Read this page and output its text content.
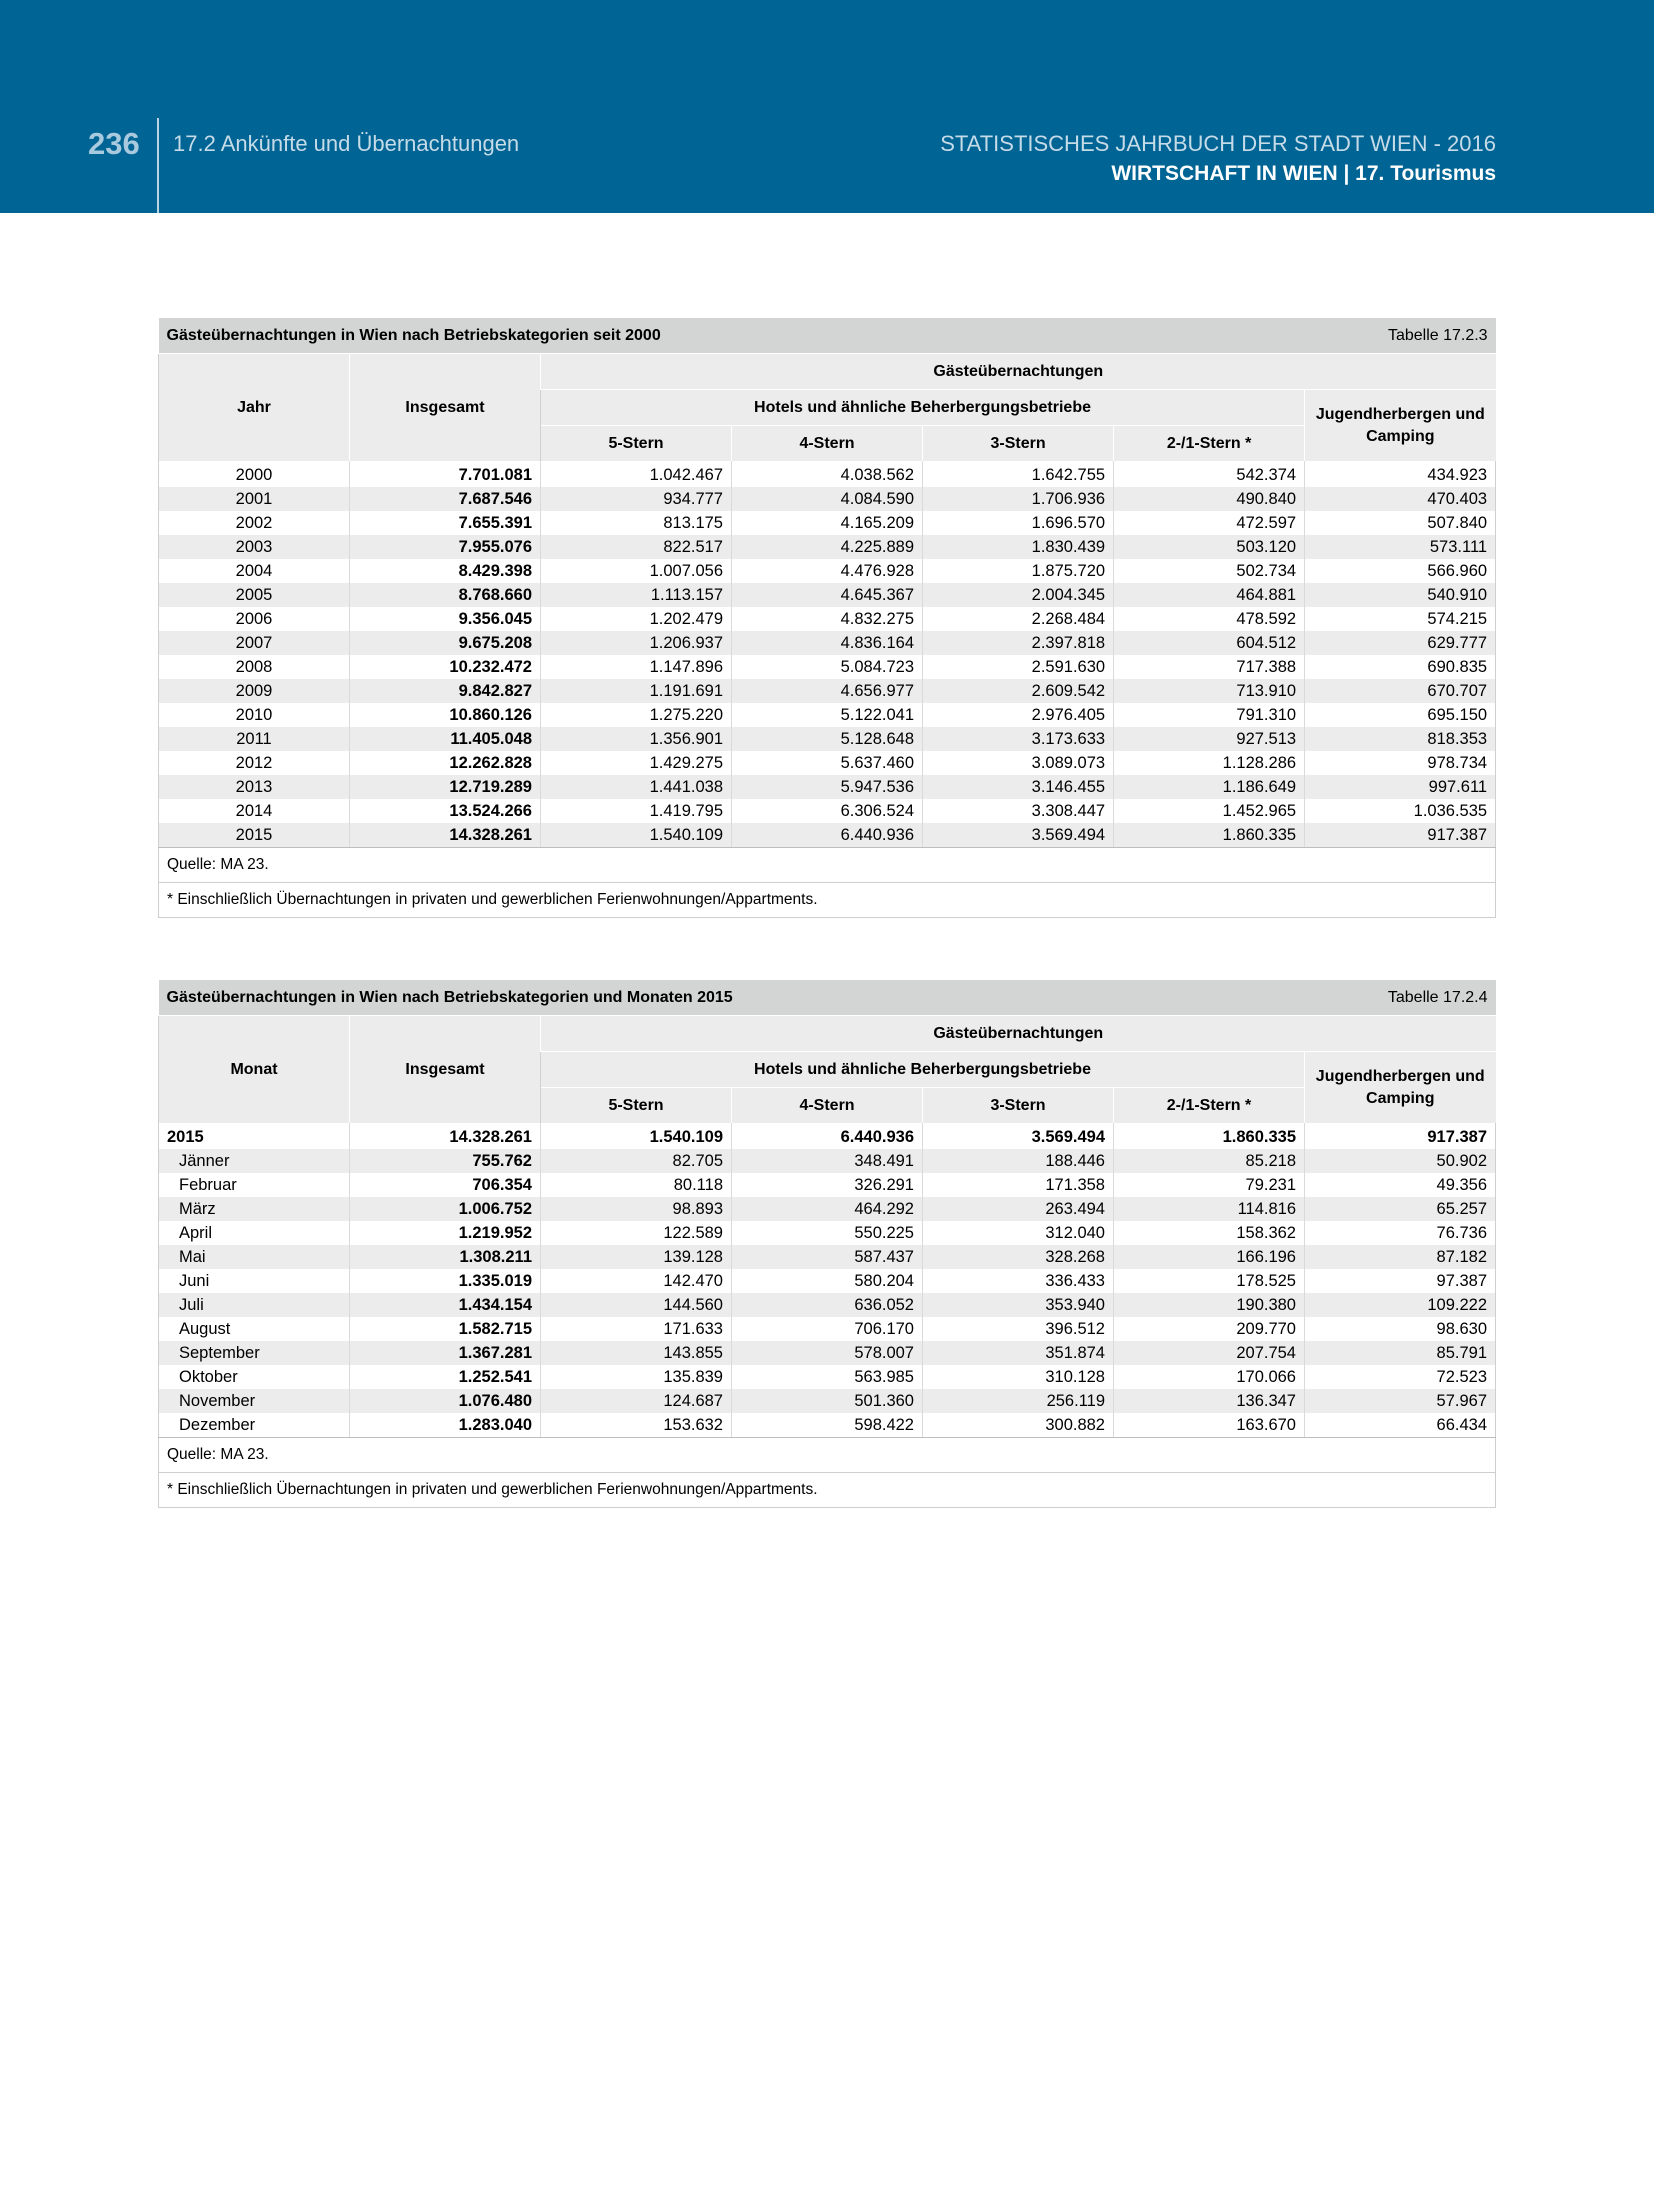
236 17.2 Ankünfte und Übernachtungen	STATISTISCHES JAHRBUCH DER STADT WIEN - 2016
WIRTSCHAFT IN WIEN | 17. Tourismus
Gästeübernachtungen in Wien nach Betriebskategorien seit 2000					Tabelle 17.2.3	
Jahr	Insgesamt	Gästeübernachtungen				
		Hotels und ähnliche Beherbergungsbetriebe				Jugendherbergen und Camping
		5-Stern	4-Stern	3-Stern	2-/1-Stern *	
2000	7.701.081	1.042.467	4.038.562	1.642.755	542.374	434.923
2001	7.687.546	934.777	4.084.590	1.706.936	490.840	470.403
2002	7.655.391	813.175	4.165.209	1.696.570	472.597	507.840
2003	7.955.076	822.517	4.225.889	1.830.439	503.120	573.111
2004	8.429.398	1.007.056	4.476.928	1.875.720	502.734	566.960
2005	8.768.660	1.113.157	4.645.367	2.004.345	464.881	540.910
2006	9.356.045	1.202.479	4.832.275	2.268.484	478.592	574.215
2007	9.675.208	1.206.937	4.836.164	2.397.818	604.512	629.777
2008	10.232.472	1.147.896	5.084.723	2.591.630	717.388	690.835
2009	9.842.827	1.191.691	4.656.977	2.609.542	713.910	670.707
2010	10.860.126	1.275.220	5.122.041	2.976.405	791.310	695.150
2011	11.405.048	1.356.901	5.128.648	3.173.633	927.513	818.353
2012	12.262.828	1.429.275	5.637.460	3.089.073	1.128.286	978.734
2013	12.719.289	1.441.038	5.947.536	3.146.455	1.186.649	997.611
2014	13.524.266	1.419.795	6.306.524	3.308.447	1.452.965	1.036.535
2015	14.328.261	1.540.109	6.440.936	3.569.494	1.860.335	917.387
Quelle: MA 23.						
* Einschließlich Übernachtungen in privaten und gewerblichen Ferienwohnungen/Appartments.						
Gästeübernachtungen in Wien nach Betriebskategorien und Monaten 2015					Tabelle 17.2.4	
Monat	Insgesamt	Gästeübernachtungen				
		Hotels und ähnliche Beherbergungsbetriebe				Jugendherbergen und Camping
		5-Stern	4-Stern	3-Stern	2-/1-Stern *	
2015	14.328.261	1.540.109	6.440.936	3.569.494	1.860.335	917.387
Jänner	755.762	82.705	348.491	188.446	85.218	50.902
Februar	706.354	80.118	326.291	171.358	79.231	49.356
März	1.006.752	98.893	464.292	263.494	114.816	65.257
April	1.219.952	122.589	550.225	312.040	158.362	76.736
Mai	1.308.211	139.128	587.437	328.268	166.196	87.182
Juni	1.335.019	142.470	580.204	336.433	178.525	97.387
Juli	1.434.154	144.560	636.052	353.940	190.380	109.222
August	1.582.715	171.633	706.170	396.512	209.770	98.630
September	1.367.281	143.855	578.007	351.874	207.754	85.791
Oktober	1.252.541	135.839	563.985	310.128	170.066	72.523
November	1.076.480	124.687	501.360	256.119	136.347	57.967
Dezember	1.283.040	153.632	598.422	300.882	163.670	66.434
Quelle: MA 23.						
* Einschließlich Übernachtungen in privaten und gewerblichen Ferienwohnungen/Appartments.						
